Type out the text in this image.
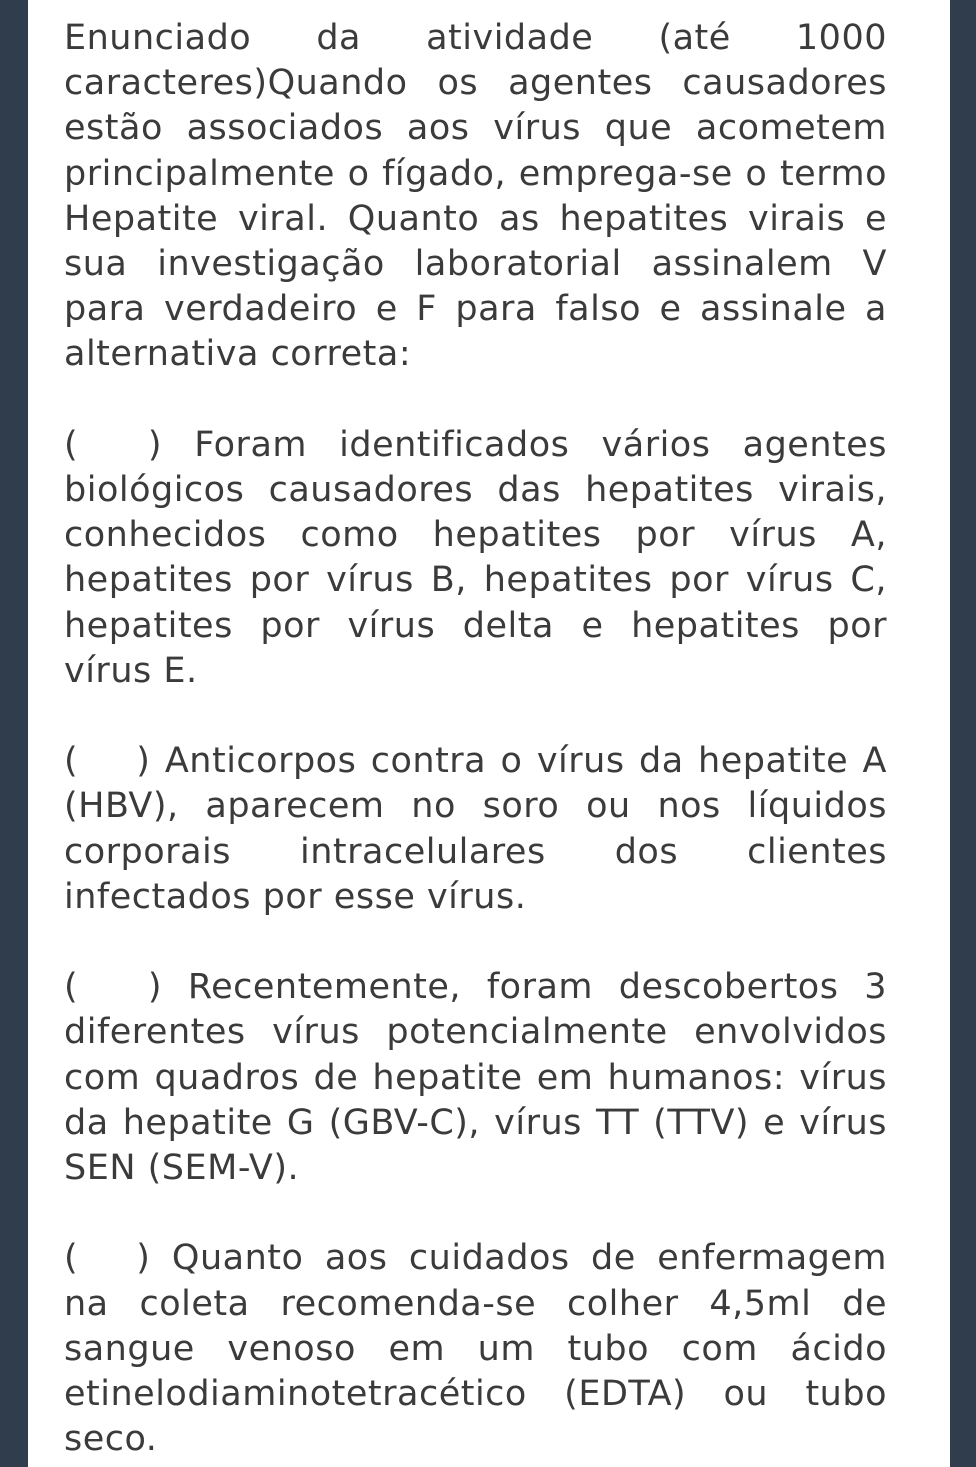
Enunciado da atividade (até 1000 caracteres)Quando os agentes causadores estão associados aos vírus que acometem principalmente o fígado, emprega-se o termo Hepatite viral. Quanto as hepatites virais e sua investigação laboratorial assinalem V para verdadeiro e F para falso e assinale a alternativa correta:

(      ) Foram identificados vários agentes biológicos causadores das hepatites virais, conhecidos como hepatites por vírus A, hepatites por vírus B, hepatites por vírus C, hepatites por vírus delta e hepatites por vírus E.

(     ) Anticorpos contra o vírus da hepatite A (HBV), aparecem no soro ou nos líquidos corporais intracelulares dos clientes infectados por esse vírus.

(      ) Recentemente, foram descobertos 3 diferentes vírus potencialmente envolvidos com quadros de hepatite em humanos: vírus da hepatite G (GBV-C), vírus TT (TTV) e vírus SEN (SEM-V).

(     ) Quanto aos cuidados de enfermagem na coleta recomenda-se colher 4,5ml de sangue venoso em um tubo com ácido etinelodiaminotetracético (EDTA) ou tubo seco.
